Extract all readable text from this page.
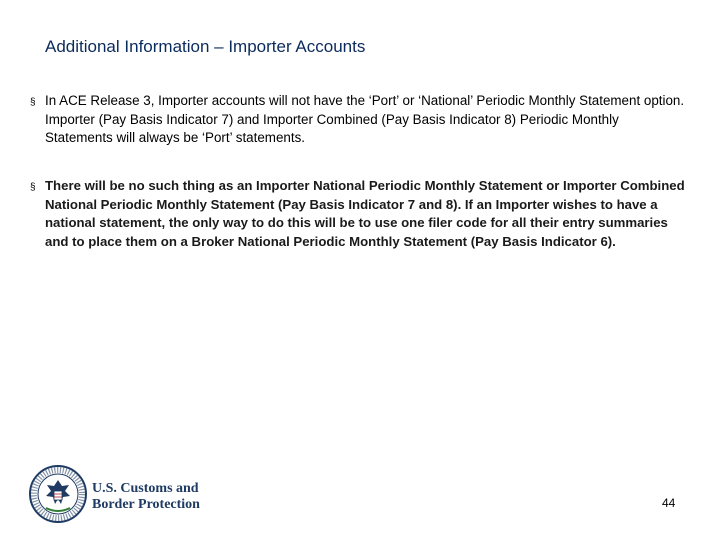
Additional Information – Importer Accounts
§ In ACE Release 3, Importer accounts will not have the ‘Port’ or ‘National’ Periodic Monthly Statement option. Importer (Pay Basis Indicator 7) and Importer Combined (Pay Basis Indicator 8) Periodic Monthly Statements will always be ‘Port’ statements.
§ There will be no such thing as an Importer National Periodic Monthly Statement or Importer Combined National Periodic Monthly Statement (Pay Basis Indicator 7 and 8). If an Importer wishes to have a national statement, the only way to do this will be to use one filer code for all their entry summaries and to place them on a Broker National Periodic Monthly Statement (Pay Basis Indicator 6).
U.S. Customs and
Border Protection	44
